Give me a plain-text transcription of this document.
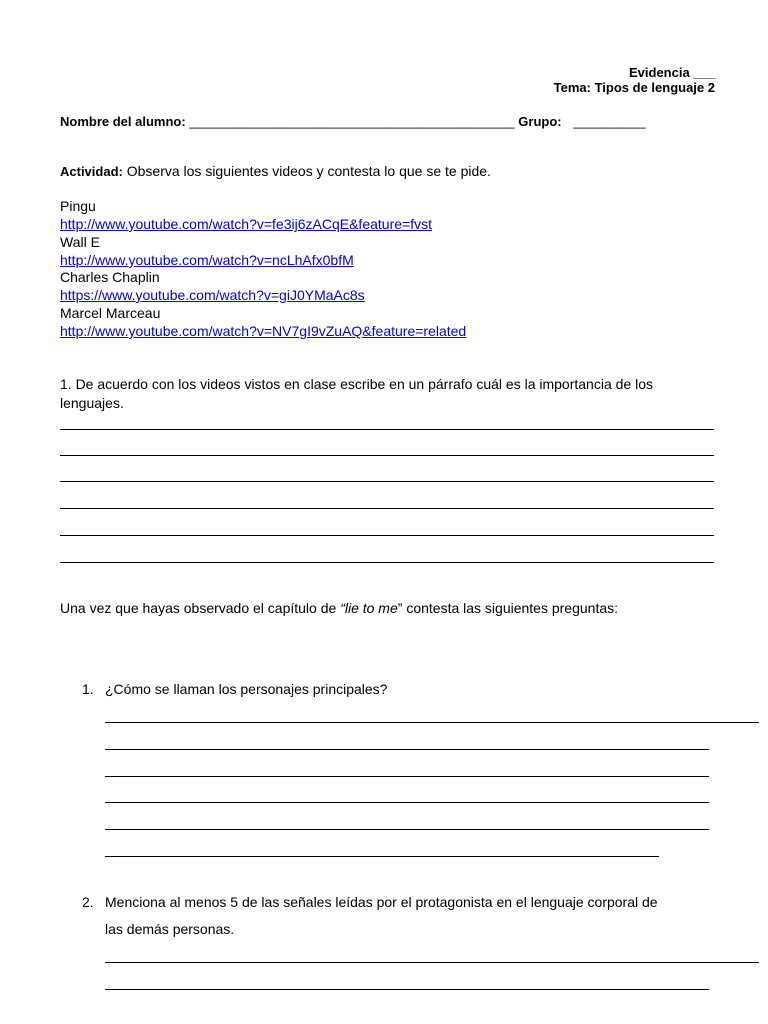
Evidencia ___
Tema: Tipos de lenguaje 2
Nombre del alumno: _____________________________________________ Grupo: __________
Actividad: Observa los siguientes videos y contesta lo que se te pide.
Pingu
http://www.youtube.com/watch?v=fe3ij6zACqE&feature=fvst
Wall E
http://www.youtube.com/watch?v=ncLhAfx0bfM
Charles Chaplin
https://www.youtube.com/watch?v=giJ0YMaAc8s
Marcel Marceau
http://www.youtube.com/watch?v=NV7gI9vZuAQ&feature=related
1. De acuerdo con los videos vistos en clase escribe en un párrafo cuál es la importancia de los
lenguajes.
Una vez que hayas observado el capítulo de “lie to me” contesta las siguientes preguntas:
1. ¿Cómo se llaman los personajes principales?
2. Menciona al menos 5 de las señales leídas por el protagonista en el lenguaje corporal de
las demás personas.
